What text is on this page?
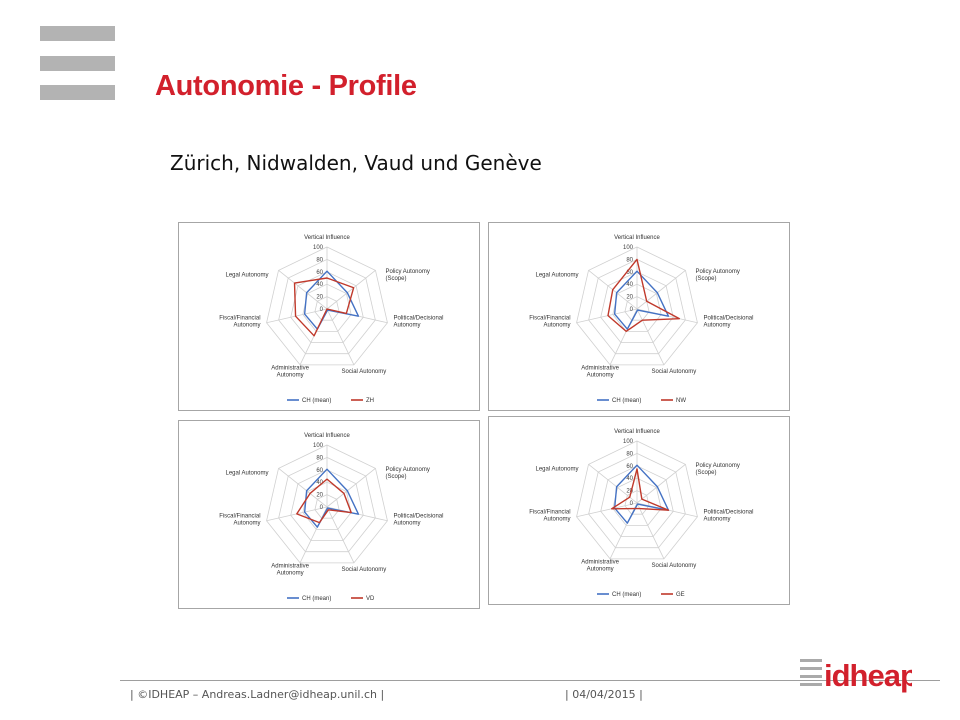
Autonomie - Profile
Zürich, Nidwalden, Vaud und Genève
0
20
40
60
80
100
Vertical Influence
Policy Autonomy (Scope)
Political/Decisional Autonomy
Social Autonomy
Administrative Autonomy
Fiscal/Financial Autonomy
Legal Autonomy
CH (mean)	ZH
0
20
40
60
80
100
Vertical Influence
Policy Autonomy (Scope)
Political/Decisional Autonomy
Social Autonomy
Administrative Autonomy
Fiscal/Financial Autonomy
Legal Autonomy
CH (mean)	NW
0
20
40
60
80
100
Vertical Influence
Policy Autonomy (Scope)
Political/Decisional Autonomy
Social Autonomy
Administrative Autonomy
Fiscal/Financial Autonomy
Legal Autonomy
CH (mean)	VD
0
20
40
60
80
100
Vertical Influence
Policy Autonomy (Scope)
Political/Decisional Autonomy
Social Autonomy
Administrative Autonomy
Fiscal/Financial Autonomy
Legal Autonomy
CH (mean)	GE
| ©IDHEAP – Andreas.Ladner@idheap.unil.ch |	| 04/04/2015 |
idheap
